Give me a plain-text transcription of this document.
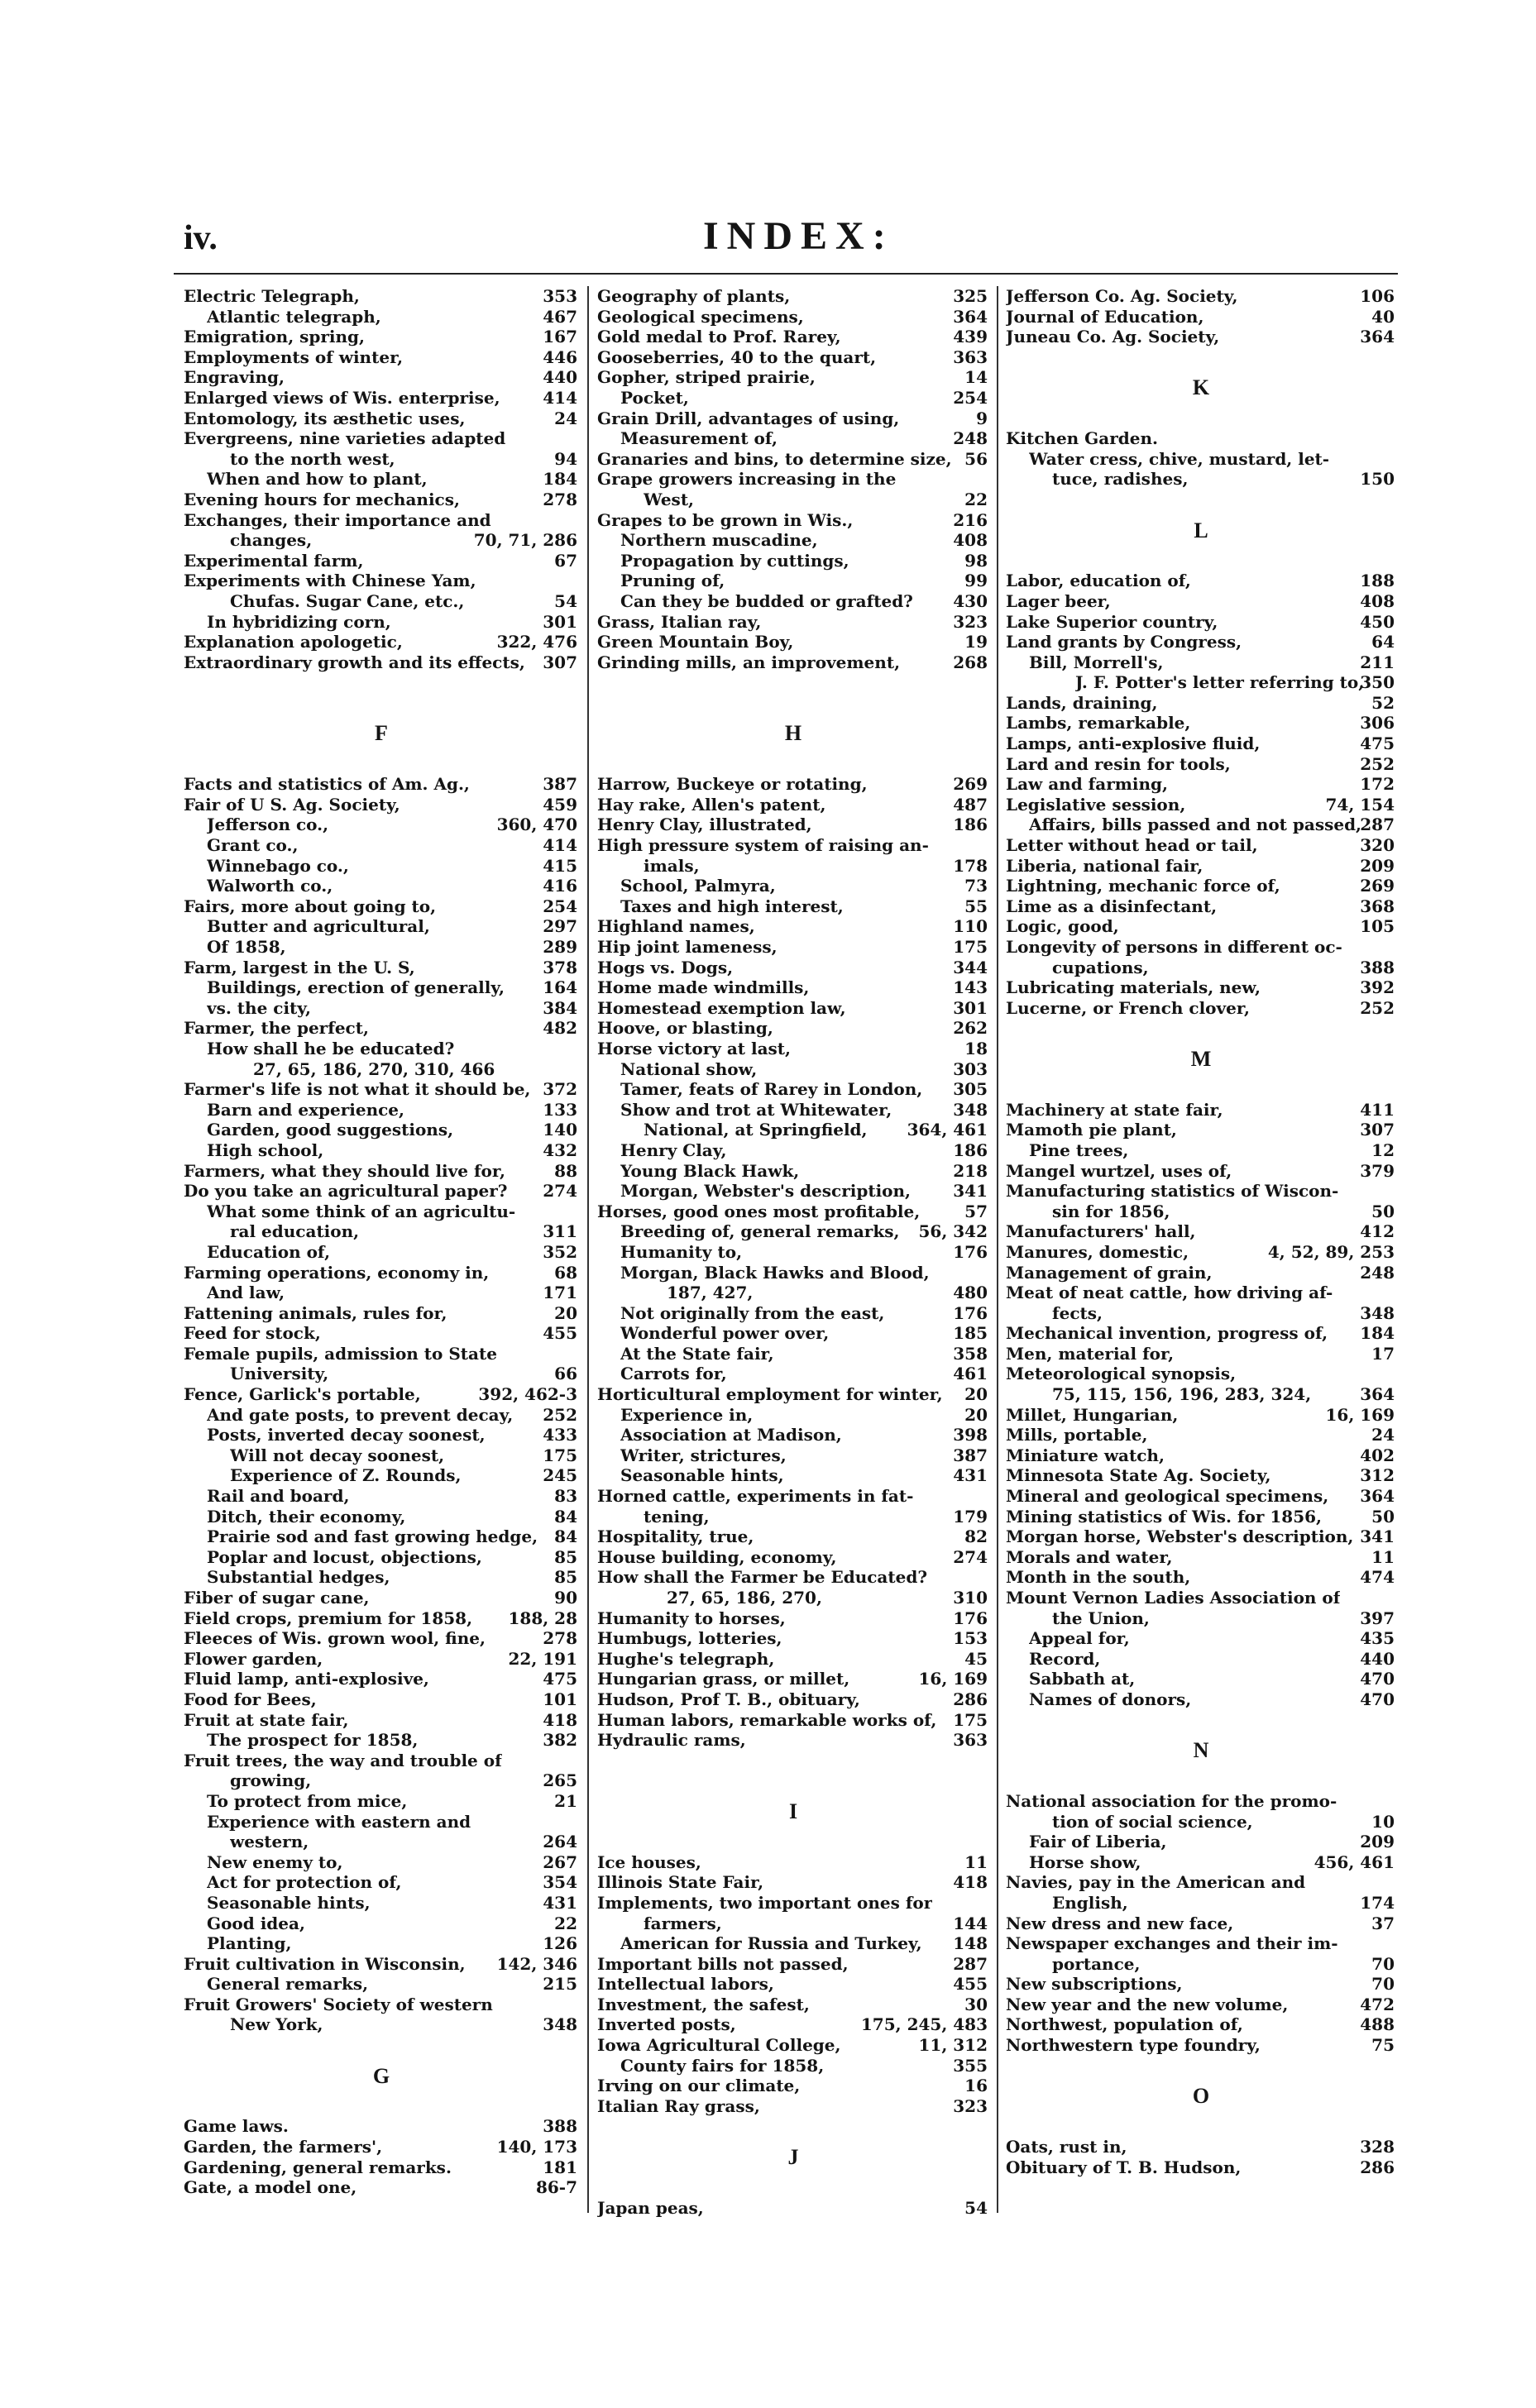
iv.	INDEX:
Electric Telegraph,	353
Atlantic telegraph,	467
Emigration, spring,	167
Employments of winter,	446
Engraving,	440
Enlarged views of Wis. enterprise,	414
Entomology, its æsthetic uses,	24
Evergreens, nine varieties adapted
to the north west,	94
When and how to plant,	184
Evening hours for mechanics,	278
Exchanges, their importance and
changes,	70, 71, 286
Experimental farm,	67
Experiments with Chinese Yam,
Chufas. Sugar Cane, etc.,	54
In hybridizing corn,	301
Explanation apologetic,	322, 476
Extraordinary growth and its effects, 307
F
Facts and statistics of Am. Ag.,	387
Fair of U S. Ag. Society,	459
Jefferson co.,	360, 470
Grant co.,	414
Winnebago co.,	415
Walworth co.,	416
Fairs, more about going to,	254
Butter and agricultural,	297
Of 1858,	289
Farm, largest in the U. S,	378
Buildings, erection of generally, 164
vs. the city,	384
Farmer, the perfect,	482
How shall he be educated?
27, 65, 186, 270, 310, 466
Farmer's life is not what it should be, 372
Barn and experience,	133
Garden, good suggestions,	140
High school,	432
Farmers, what they should live for,	88
Do you take an agricultural paper? 274
What some think of an agricultu-
ral education,	311
Education of,	352
Farming operations, economy in,	68
And law,	171
Fattening animals, rules for,	20
Feed for stock,	455
Female pupils, admission to State
University,	66
Fence, Garlick's portable,	392, 462-3
And gate posts, to prevent decay, 252
Posts, inverted decay soonest,	433
Will not decay soonest,	175
Experience of Z. Rounds,	245
Rail and board,	83
Ditch, their economy,	84
Prairie sod and fast growing hedge, 84
Poplar and locust, objections,	85
Substantial hedges,	85
Fiber of sugar cane,	90
Field crops, premium for 1858, 188, 28
Fleeces of Wis. grown wool, fine,	278
Flower garden,	22, 191
Fluid lamp, anti-explosive,	475
Food for Bees,	101
Fruit at state fair,	418
The prospect for 1858,	382
Fruit trees, the way and trouble of
growing,	265
To protect from mice,	21
Experience with eastern and
western,	264
New enemy to,	267
Act for protection of,	354
Seasonable hints,	431
Good idea,	22
Planting,	126
Fruit cultivation in Wisconsin, 142, 346
General remarks,	215
Fruit Growers' Society of western
New York,	348
G
Game laws.	388
Garden, the farmers',	140, 173
Gardening, general remarks.	181
Gate, a model one,	86-7
Geography of plants,	325
Geological specimens,	364
Gold medal to Prof. Rarey,	439
Gooseberries, 40 to the quart,	363
Gopher, striped prairie,	14
Pocket,	254
Grain Drill, advantages of using,	9
Measurement of,	248
Granaries and bins, to determine size, 56
Grape growers increasing in the
West,	22
Grapes to be grown in Wis.,	216
Northern muscadine,	408
Propagation by cuttings,	98
Pruning of,	99
Can they be budded or grafted? 430
Grass, Italian ray,	323
Green Mountain Boy,	19
Grinding mills, an improvement,	268
H
Harrow, Buckeye or rotating,	269
Hay rake, Allen's patent,	487
Henry Clay, illustrated,	186
High pressure system of raising an-
imals,	178
School, Palmyra,	73
Taxes and high interest,	55
Highland names,	110
Hip joint lameness,	175
Hogs vs. Dogs,	344
Home made windmills,	143
Homestead exemption law,	301
Hoove, or blasting,	262
Horse victory at last,	18
National show,	303
Tamer, feats of Rarey in London, 305
Show and trot at Whitewater,	348
National, at Springfield, 364, 461
Henry Clay,	186
Young Black Hawk,	218
Morgan, Webster's description,	341
Horses, good ones most profitable,	57
Breeding of, general remarks, 56, 342
Humanity to,	176
Morgan, Black Hawks and Blood,
187, 427,	480
Not originally from the east,	176
Wonderful power over,	185
At the State fair,	358
Carrots for,	461
Horticultural employment for winter, 20
Experience in,	20
Association at Madison,	398
Writer, strictures,	387
Seasonable hints,	431
Horned cattle, experiments in fat-
tening,	179
Hospitality, true,	82
House building, economy,	274
How shall the Farmer be Educated?
27, 65, 186, 270,	310
Humanity to horses,	176
Humbugs, lotteries,	153
Hughe's telegraph,	45
Hungarian grass, or millet,	16, 169
Hudson, Prof T. B., obituary,	286
Human labors, remarkable works of, 175
Hydraulic rams,	363
I
Ice houses,	11
Illinois State Fair,	418
Implements, two important ones for
farmers,	144
American for Russia and Turkey, 148
Important bills not passed,	287
Intellectual labors,	455
Investment, the safest,	30
Inverted posts,	175, 245, 483
Iowa Agricultural College,	11, 312
County fairs for 1858,	355
Irving on our climate,	16
Italian Ray grass,	323
J
Japan peas,	54
Jefferson Co. Ag. Society,	106
Journal of Education,	40
Juneau Co. Ag. Society,	364
K
Kitchen Garden.
Water cress, chive, mustard, let-
tuce, radishes,	150
L
Labor, education of,	188
Lager beer,	408
Lake Superior country,	450
Land grants by Congress,	64
Bill, Morrell's,	211
J. F. Potter's letter referring to,
350
Lands, draining,	52
Lambs, remarkable,	306
Lamps, anti-explosive fluid,	475
Lard and resin for tools,	252
Law and farming,	172
Legislative session,	74, 154
Affairs, bills passed and not passed,
287
Letter without head or tail,	320
Liberia, national fair,	209
Lightning, mechanic force of,	269
Lime as a disinfectant,	368
Logic, good,	105
Longevity of persons in different oc-
cupations,	388
Lubricating materials, new,	392
Lucerne, or French clover,	252
M
Machinery at state fair,	411
Mamoth pie plant,	307
Pine trees,	12
Mangel wurtzel, uses of,	379
Manufacturing statistics of Wiscon-
sin for 1856,	50
Manufacturers' hall,	412
Manures, domestic,	4, 52, 89, 253
Management of grain,	248
Meat of neat cattle, how driving af-
fects,	348
Mechanical invention, progress of, 184
Men, material for,	17
Meteorological synopsis,
75, 115, 156, 196, 283, 324,	364
Millet, Hungarian,	16, 169
Mills, portable,	24
Miniature watch,	402
Minnesota State Ag. Society,	312
Mineral and geological specimens, 364
Mining statistics of Wis. for 1856,	50
Morgan horse, Webster's description, 341
Morals and water,	11
Month in the south,	474
Mount Vernon Ladies Association of
the Union,	397
Appeal for,	435
Record,	440
Sabbath at,	470
Names of donors,	470
N
National association for the promo-
tion of social science,	10
Fair of Liberia,	209
Horse show,	456, 461
Navies, pay in the American and
English,	174
New dress and new face,	37
Newspaper exchanges and their im-
portance,	70
New subscriptions,	70
New year and the new volume,	472
Northwest, population of,	488
Northwestern type foundry,	75
O
Oats, rust in,	328
Obituary of T. B. Hudson,	286
